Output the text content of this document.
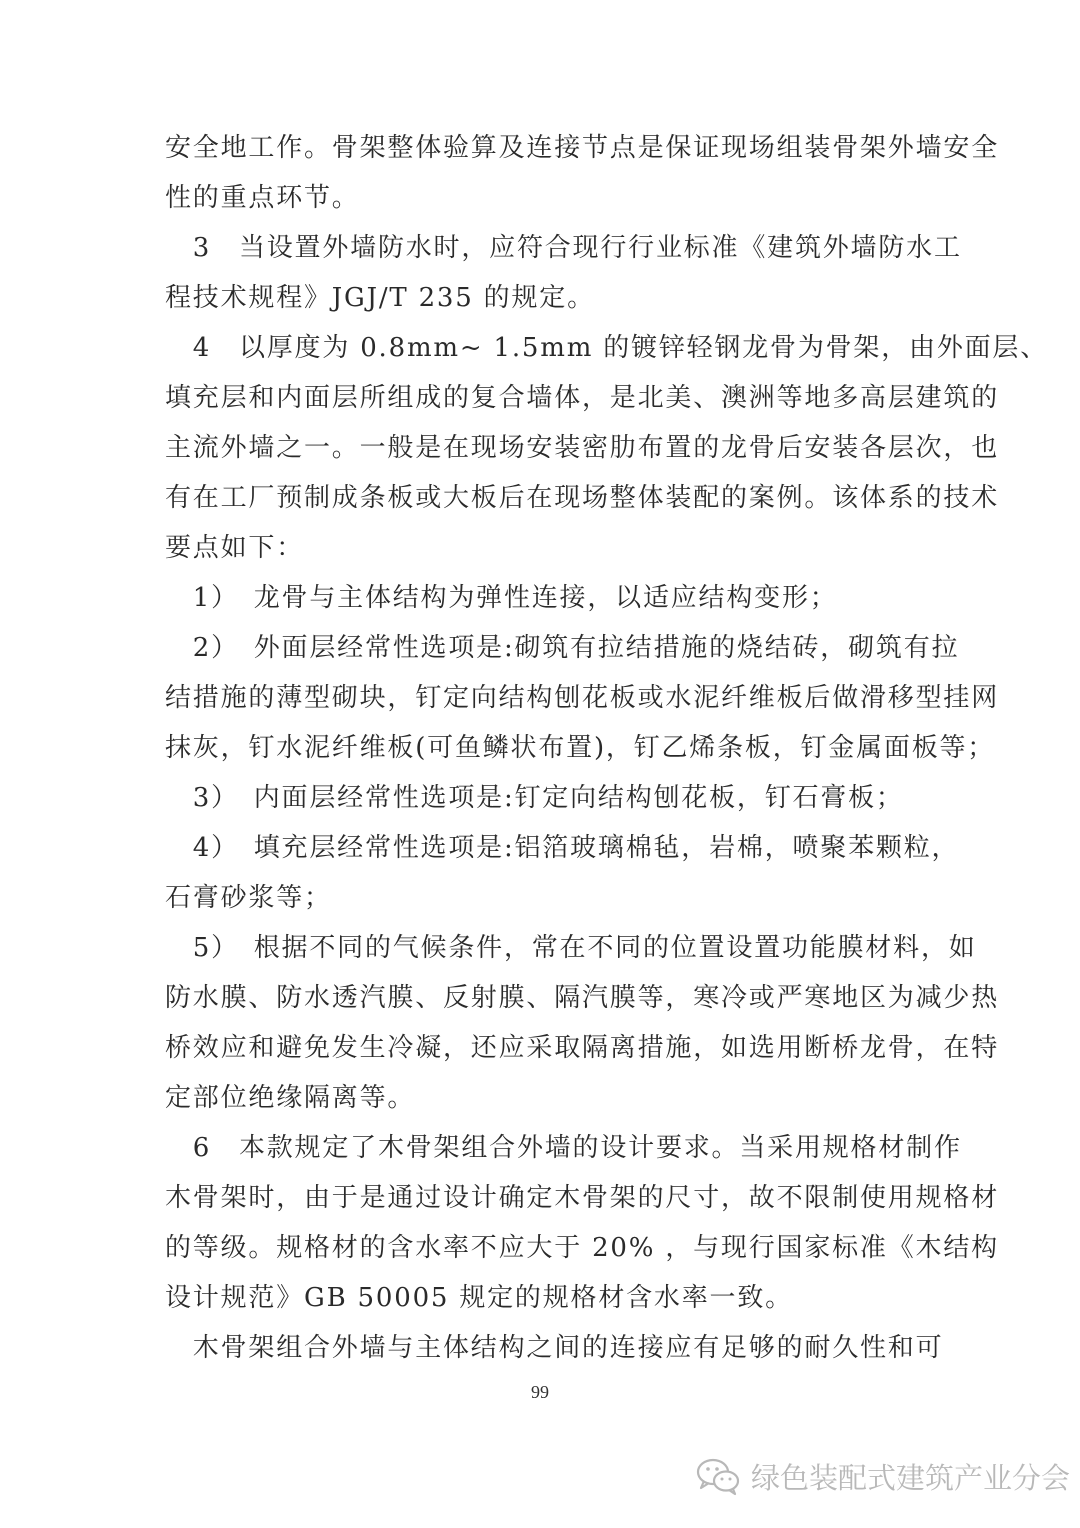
安全地工作。骨架整体验算及连接节点是保证现场组装骨架外墙安全
性的重点环节。
　3　当设置外墙防水时，应符合现行行业标准《建筑外墙防水工
程技术规程》JGJ/T 235 的规定。
　4　以厚度为 0.8mm~ 1.5mm 的镀锌轻钢龙骨为骨架，由外面层、
填充层和内面层所组成的复合墙体，是北美、澳洲等地多高层建筑的
主流外墙之一。一般是在现场安装密肋布置的龙骨后安装各层次，也
有在工厂预制成条板或大板后在现场整体装配的案例。该体系的技术
要点如下：
　1）　龙骨与主体结构为弹性连接，以适应结构变形；
　2）　外面层经常性选项是:砌筑有拉结措施的烧结砖，砌筑有拉
结措施的薄型砌块，钉定向结构刨花板或水泥纤维板后做滑移型挂网
抹灰，钉水泥纤维板(可鱼鳞状布置)，钉乙烯条板，钉金属面板等；
　3）　内面层经常性选项是:钉定向结构刨花板，钉石膏板；
　4）　填充层经常性选项是:铝箔玻璃棉毡，岩棉，喷聚苯颗粒，
石膏砂浆等；
　5）　根据不同的气候条件，常在不同的位置设置功能膜材料，如
防水膜、防水透汽膜、反射膜、隔汽膜等，寒冷或严寒地区为减少热
桥效应和避免发生冷凝，还应采取隔离措施，如选用断桥龙骨，在特
定部位绝缘隔离等。
　6　本款规定了木骨架组合外墙的设计要求。当采用规格材制作
木骨架时，由于是通过设计确定木骨架的尺寸，故不限制使用规格材
的等级。规格材的含水率不应大于 20% ，与现行国家标准《木结构
设计规范》GB 50005 规定的规格材含水率一致。
　木骨架组合外墙与主体结构之间的连接应有足够的耐久性和可
99
绿色装配式建筑产业分会
